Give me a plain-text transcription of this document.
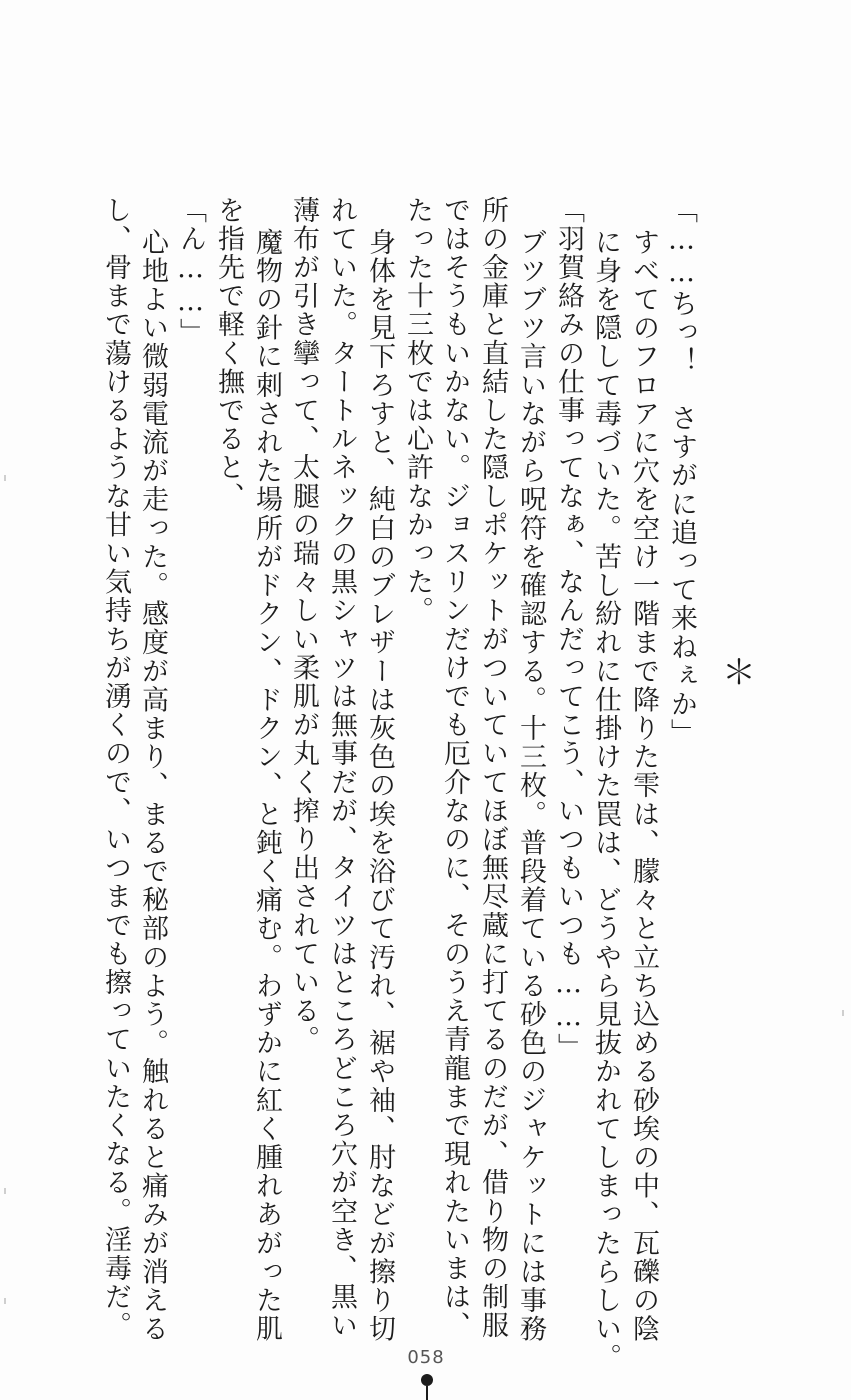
「……ちっ！　さすがに追って来ねぇか」
すべてのフロアに穴を空け一階まで降りた雫は、朦々と立ち込める砂埃の中、瓦礫の陰
に身を隠して毒づいた。苦し紛れに仕掛けた罠は、どうやら見抜かれてしまったらしい。	＊
「羽賀絡みの仕事ってなぁ、なんだってこう、いつもいつも……」
ブツブツ言いながら呪符を確認する。十三枚。普段着ている砂色のジャケットには事務
所の金庫と直結した隠しポケットがついていてほぼ無尽蔵に打てるのだが、借り物の制服
ではそうもいかない。ジョスリンだけでも厄介なのに、そのうえ青龍まで現れたいまは、
たった十三枚では心許なかった。
身体を見下ろすと、純白のブレザーは灰色の埃を浴びて汚れ、裾や袖、肘などが擦り切
れていた。タートルネックの黒シャツは無事だが、タイツはところどころ穴が空き、黒い
薄布が引き攣って、太腿の瑞々しい柔肌が丸く搾り出されている。
魔物の針に刺された場所がドクン、ドクン、と鈍く痛む。わずかに紅く腫れあがった肌
を指先で軽く撫でると、
「ん……」
心地よい微弱電流が走った。感度が高まり、まるで秘部のよう。触れると痛みが消える
し、骨まで蕩けるような甘い気持ちが湧くので、いつまでも擦っていたくなる。淫毒だ。
058
